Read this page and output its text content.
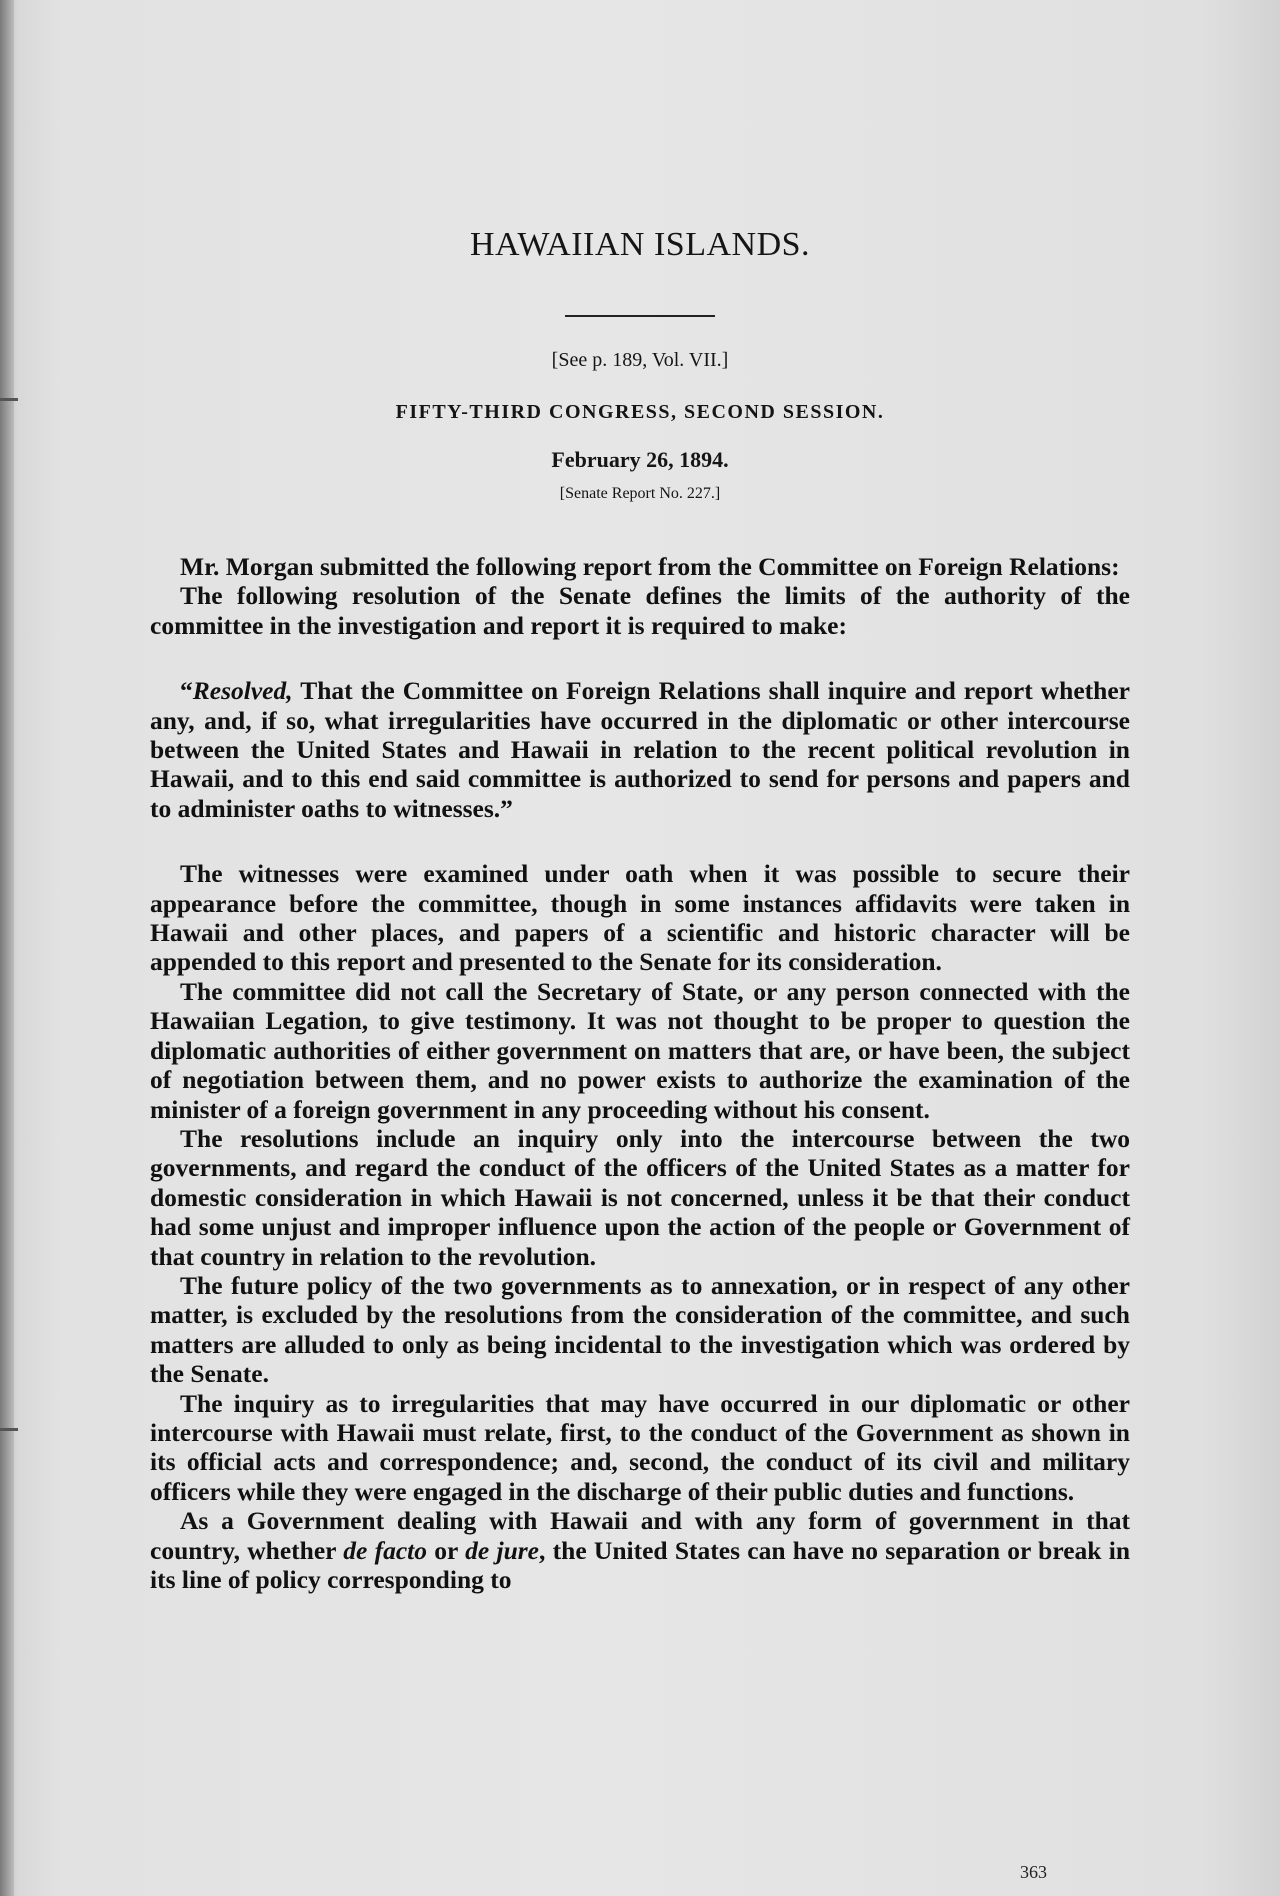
HAWAIIAN ISLANDS.
[See p. 189, Vol. VII.]
FIFTY-THIRD CONGRESS, SECOND SESSION.
February 26, 1894.
[Senate Report No. 227.]

Mr. Morgan submitted the following report from the Committee on Foreign Relations:

The following resolution of the Senate defines the limits of the authority of the committee in the investigation and report it is required to make:

“Resolved, That the Committee on Foreign Relations shall inquire and report whether any, and, if so, what irregularities have occurred in the diplomatic or other intercourse between the United States and Hawaii in relation to the recent political revolution in Hawaii, and to this end said committee is authorized to send for persons and papers and to administer oaths to witnesses.”

The witnesses were examined under oath when it was possible to secure their appearance before the committee, though in some instances affidavits were taken in Hawaii and other places, and papers of a scientific and historic character will be appended to this report and presented to the Senate for its consideration.

The committee did not call the Secretary of State, or any person connected with the Hawaiian Legation, to give testimony. It was not thought to be proper to question the diplomatic authorities of either government on matters that are, or have been, the subject of negotiation between them, and no power exists to authorize the examination of the minister of a foreign government in any proceeding without his consent.

The resolutions include an inquiry only into the intercourse between the two governments, and regard the conduct of the officers of the United States as a matter for domestic consideration in which Hawaii is not concerned, unless it be that their conduct had some unjust and improper influence upon the action of the people or Government of that country in relation to the revolution.

The future policy of the two governments as to annexation, or in respect of any other matter, is excluded by the resolutions from the consideration of the committee, and such matters are alluded to only as being incidental to the investigation which was ordered by the Senate.

The inquiry as to irregularities that may have occurred in our diplomatic or other intercourse with Hawaii must relate, first, to the conduct of the Government as shown in its official acts and correspondence; and, second, the conduct of its civil and military officers while they were engaged in the discharge of their public duties and functions.

As a Government dealing with Hawaii and with any form of government in that country, whether de facto or de jure, the United States can have no separation or break in its line of policy corresponding to

363
